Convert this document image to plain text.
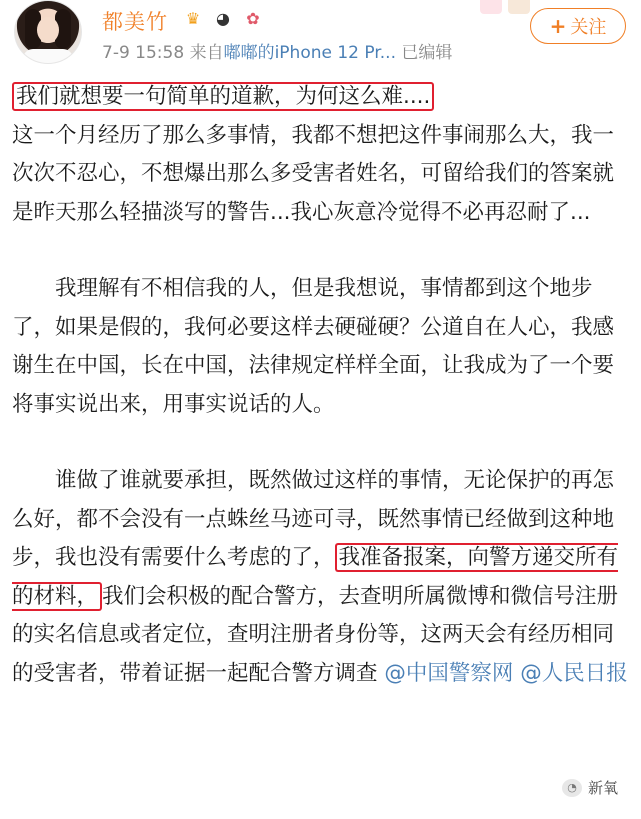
都美竹	♛ ◕	✿
7-9 15:58 来自嘟嘟的iPhone 12 Pr... 已编辑
+ 关注

我们就想要一句简单的道歉，为何这么难....
这一个月经历了那么多事情，我都不想把这件事闹那么大，我一次次不忍心，不想爆出那么多受害者姓名，可留给我们的答案就是昨天那么轻描淡写的警告...我心灰意冷觉得不必再忍耐了...

我理解有不相信我的人，但是我想说，事情都到这个地步了，如果是假的，我何必要这样去硬碰硬？公道自在人心，我感谢生在中国，长在中国，法律规定样样全面，让我成为了一个要将事实说出来，用事实说话的人。

谁做了谁就要承担，既然做过这样的事情，无论保护的再怎么好，都不会没有一点蛛丝马迹可寻，既然事情已经做到这种地步，我也没有需要什么考虑的了， 我准备报案，向警方递交所有的材料， 我们会积极的配合警方，去查明所属微博和微信号注册的实名信息或者定位，查明注册者身份等，这两天会有经历相同的受害者，带着证据一起配合警方调查 @中国警察网 @人民日报

◔ 新氧
